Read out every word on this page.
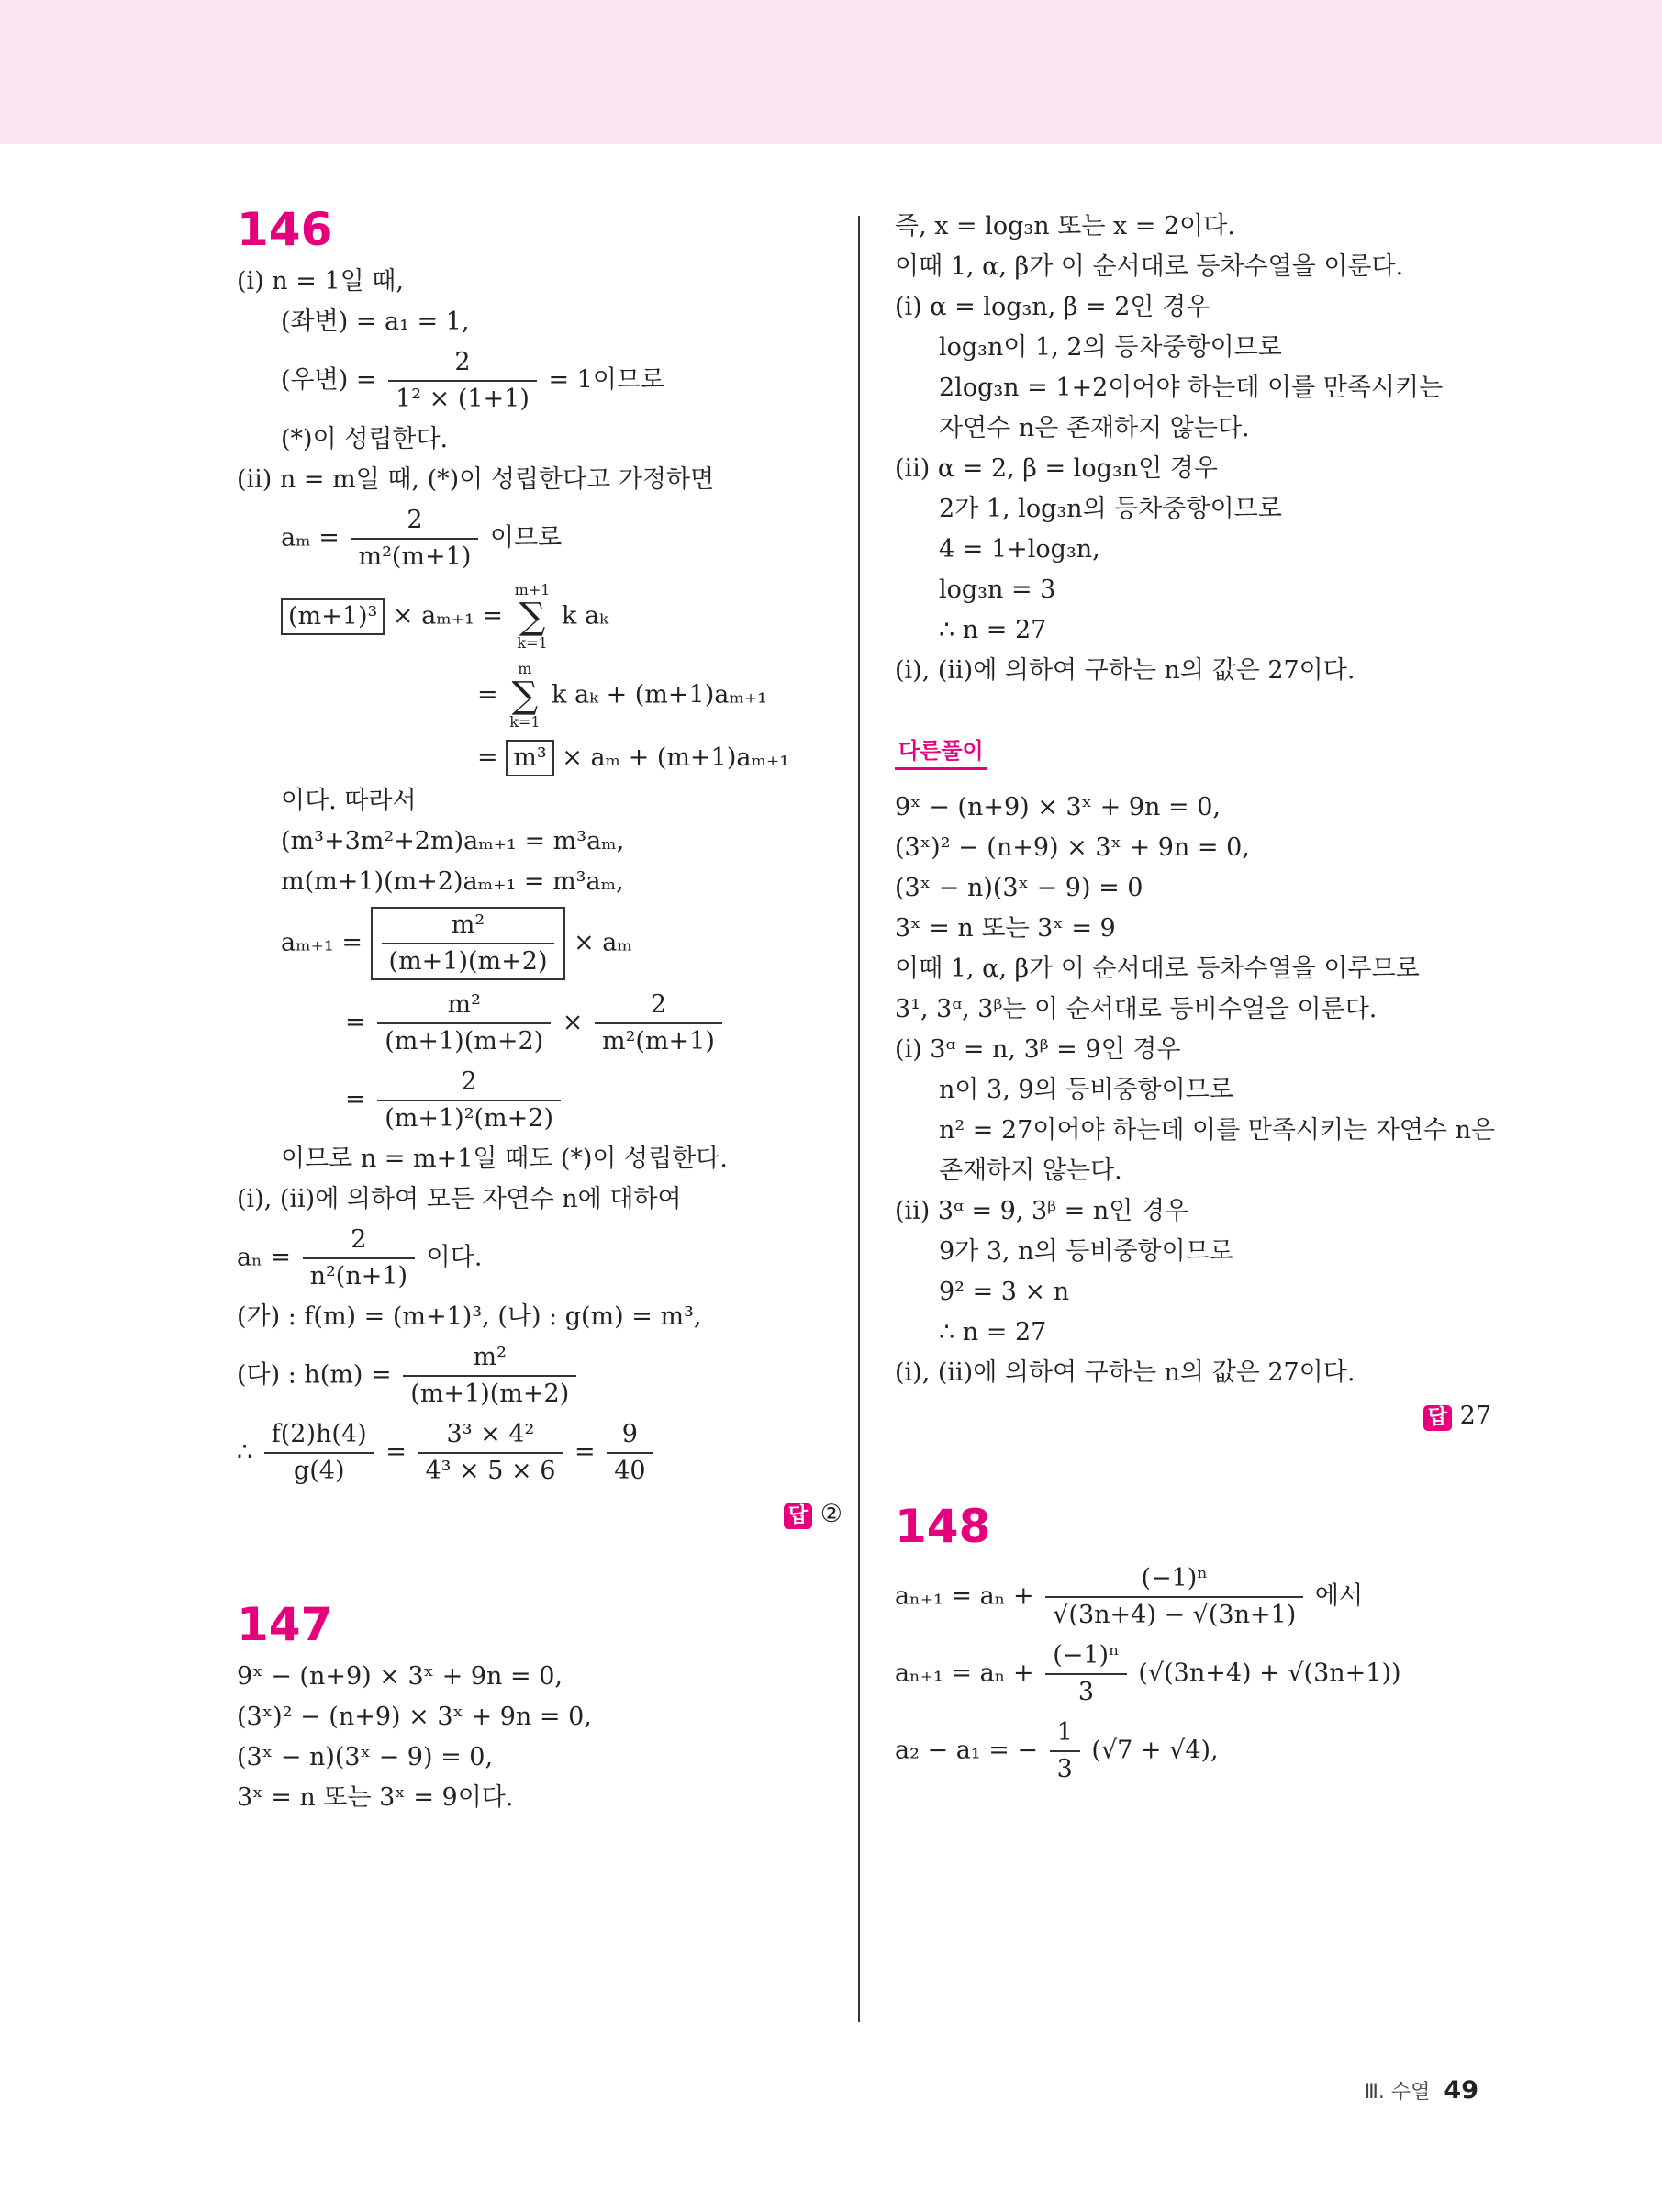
146
(ⅰ) n = 1일 때,
(좌변) = a₁ = 1,
(우변) = $\frac{2}{\text{1² × (1+1)}} = 1$이므로
(*)이 성립한다.
(ⅱ) n = m일 때, (*)이 성립한다고 가정하면
$a_m = \frac{2}{\text{m²(m+1)}}$ 이므로
(m+1)³ × aₘ₊₁ = m+1
∑
k=1 k aₖ
= m
∑
k=1 k aₖ + (m+1)aₘ₊₁
= m³ × aₘ + (m+1)aₘ₊₁
이다. 따라서
(m³+3m²+2m)aₘ₊₁ = m³aₘ,
m(m+1)(m+2)aₘ₊₁ = m³aₘ,
$a_{m+1} = \frac{\text{m²}}{(m+1)(m+2)} \times a_m$
= $\frac{\text{m²}}{(m+1)(m+2)} \times \frac{2}{\text{m²(m+1)}}$
= $\frac{2}{\text{(m+1)²(m+2)}}$
이므로 n = m+1일 때도 (*)이 성립한다.
(ⅰ), (ⅱ)에 의하여 모든 자연수 n에 대하여
$a_n = \frac{2}{\text{n²(n+1)}}$ 이다.
(가) : f(m) = (m+1)³, (나) : g(m) = m³,
(다) : $h(m) = \frac{\text{m²}}{(m+1)(m+2)}$
∴ $\frac{f(2)h(4)}{g(4)} = \frac{\text{3³ × 4²}}{\text{4³ × 5 × 6}} = \frac{9}{40}$
답 ②
147
9ˣ − (n+9) × 3ˣ + 9n = 0,
(3ˣ)² − (n+9) × 3ˣ + 9n = 0,
(3ˣ − n)(3ˣ − 9) = 0,
3ˣ = n 또는 3ˣ = 9이다.
즉, x = log₃n 또는 x = 2이다.
이때 1, α, β가 이 순서대로 등차수열을 이룬다.
(ⅰ) α = log₃n, β = 2인 경우
log₃n이 1, 2의 등차중항이므로
2log₃n = 1+2이어야 하는데 이를 만족시키는
자연수 n은 존재하지 않는다.
(ⅱ) α = 2, β = log₃n인 경우
2가 1, log₃n의 등차중항이므로
4 = 1+log₃n,
log₃n = 3
∴ n = 27
(ⅰ), (ⅱ)에 의하여 구하는 n의 값은 27이다.
다른풀이
9ˣ − (n+9) × 3ˣ + 9n = 0,
(3ˣ)² − (n+9) × 3ˣ + 9n = 0,
(3ˣ − n)(3ˣ − 9) = 0
3ˣ = n 또는 3ˣ = 9
이때 1, α, β가 이 순서대로 등차수열을 이루므로
3¹, 3ᵅ, 3ᵝ는 이 순서대로 등비수열을 이룬다.
(ⅰ) 3ᵅ = n, 3ᵝ = 9인 경우
n이 3, 9의 등비중항이므로
n² = 27이어야 하는데 이를 만족시키는 자연수 n은
존재하지 않는다.
(ⅱ) 3ᵅ = 9, 3ᵝ = n인 경우
9가 3, n의 등비중항이므로
9² = 3 × n
∴ n = 27
(ⅰ), (ⅱ)에 의하여 구하는 n의 값은 27이다.
답 27
148
$a_{n+1} = a_n + \frac{\text{(−1)ⁿ}}{√(3n+4) - √(3n+1)}$ 에서
$a_{n+1} = a_n + \frac{\text{(−1)ⁿ}}{3} (√(3n+4) + √(3n+1))$
a₂ − a₁ = − $\frac{1}{3} (√7 + √4)$,
Ⅲ. 수열 49
